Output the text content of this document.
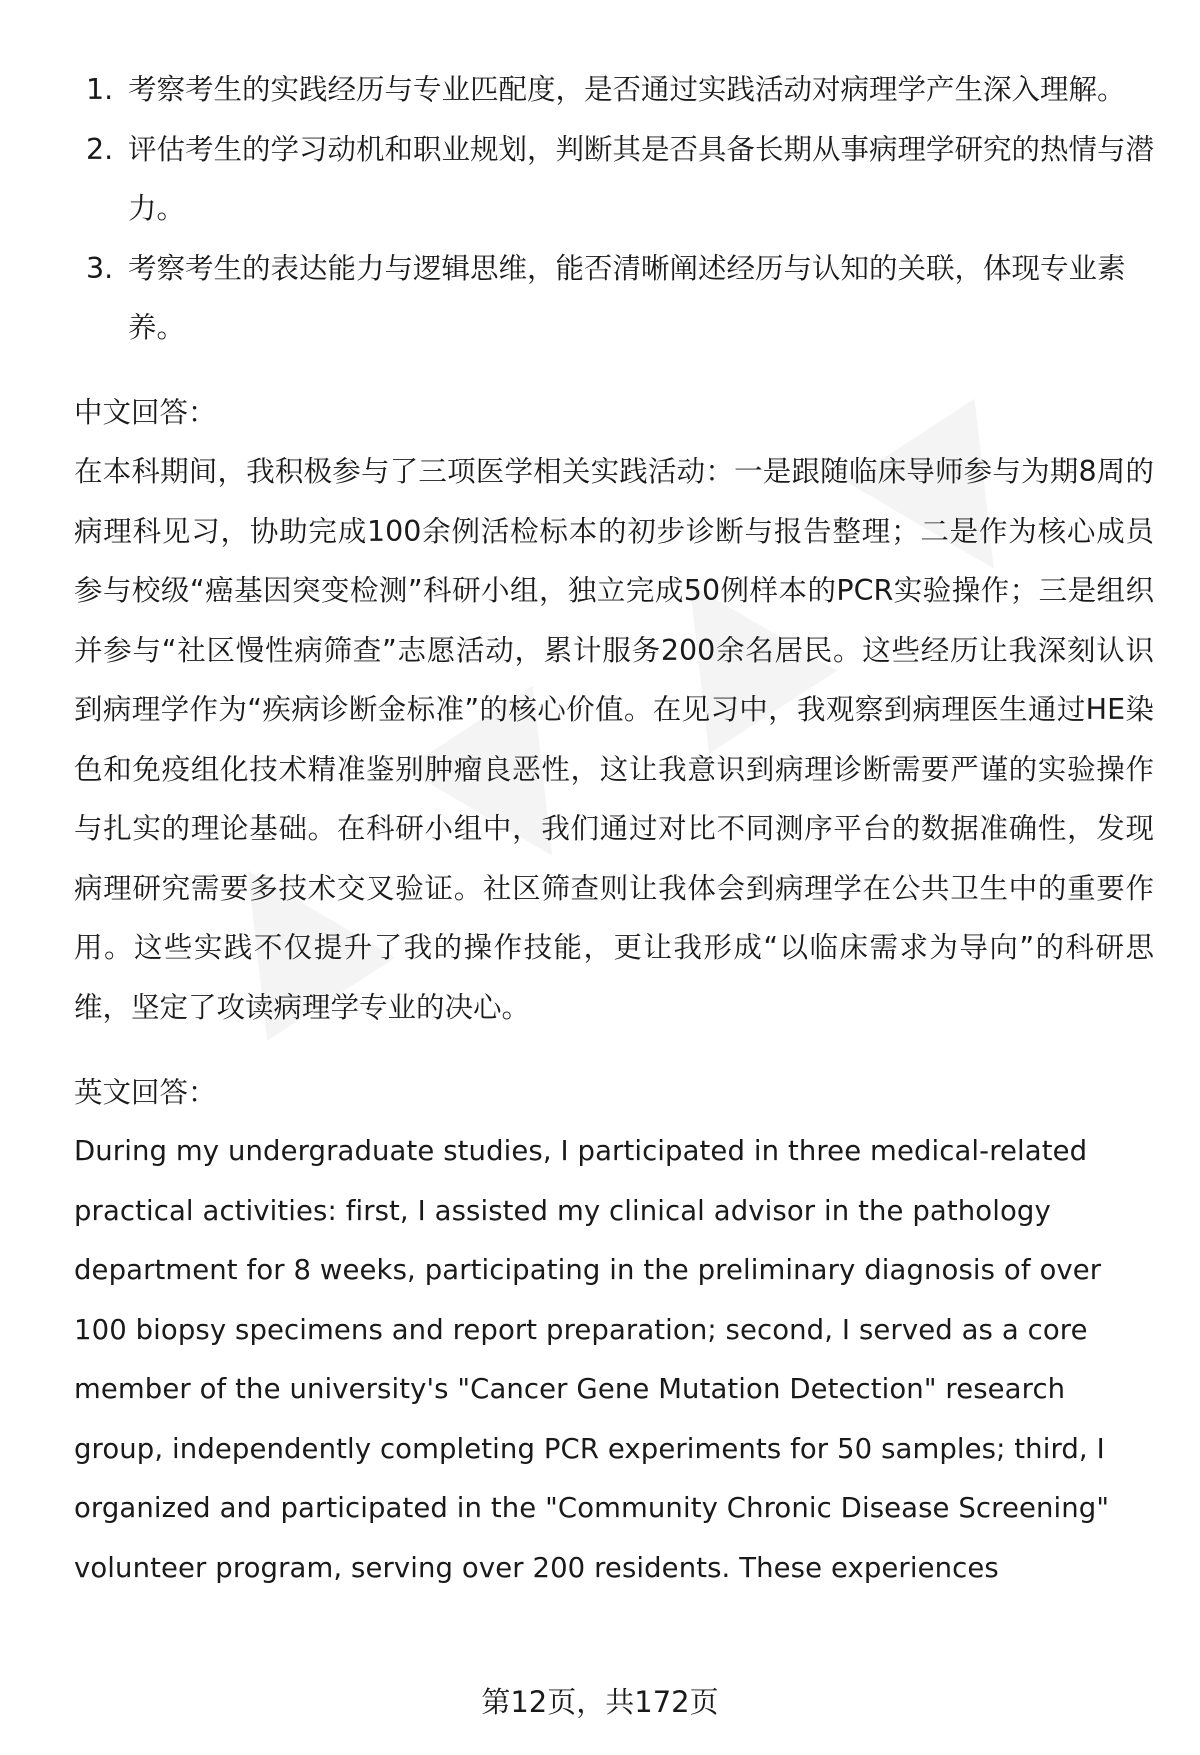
1. 考察考生的实践经历与专业匹配度，是否通过实践活动对病理学产生深入理解。
2. 评估考生的学习动机和职业规划，判断其是否具备长期从事病理学研究的热情与潜力。
3. 考察考生的表达能力与逻辑思维，能否清晰阐述经历与认知的关联，体现专业素养。
中文回答：

在本科期间，我积极参与了三项医学相关实践活动：一是跟随临床导师参与为期8周的病理科见习，协助完成100余例活检标本的初步诊断与报告整理；二是作为核心成员参与校级“癌基因突变检测”科研小组，独立完成50例样本的PCR实验操作；三是组织并参与“社区慢性病筛查”志愿活动，累计服务200余名居民。这些经历让我深刻认识到病理学作为“疾病诊断金标准”的核心价值。在见习中，我观察到病理医生通过HE染色和免疫组化技术精准鉴别肿瘤良恶性，这让我意识到病理诊断需要严谨的实验操作与扎实的理论基础。在科研小组中，我们通过对比不同测序平台的数据准确性，发现病理研究需要多技术交叉验证。社区筛查则让我体会到病理学在公共卫生中的重要作用。这些实践不仅提升了我的操作技能，更让我形成“以临床需求为导向”的科研思维，坚定了攻读病理学专业的决心。

英文回答：

During my undergraduate studies, I participated in three medical-related practical activities: first, I assisted my clinical advisor in the pathology department for 8 weeks, participating in the preliminary diagnosis of over 100 biopsy specimens and report preparation; second, I served as a core member of the university's "Cancer Gene Mutation Detection" research group, independently completing PCR experiments for 50 samples; third, I organized and participated in the "Community Chronic Disease Screening" volunteer program, serving over 200 residents. These experiences

第12页，共172页
